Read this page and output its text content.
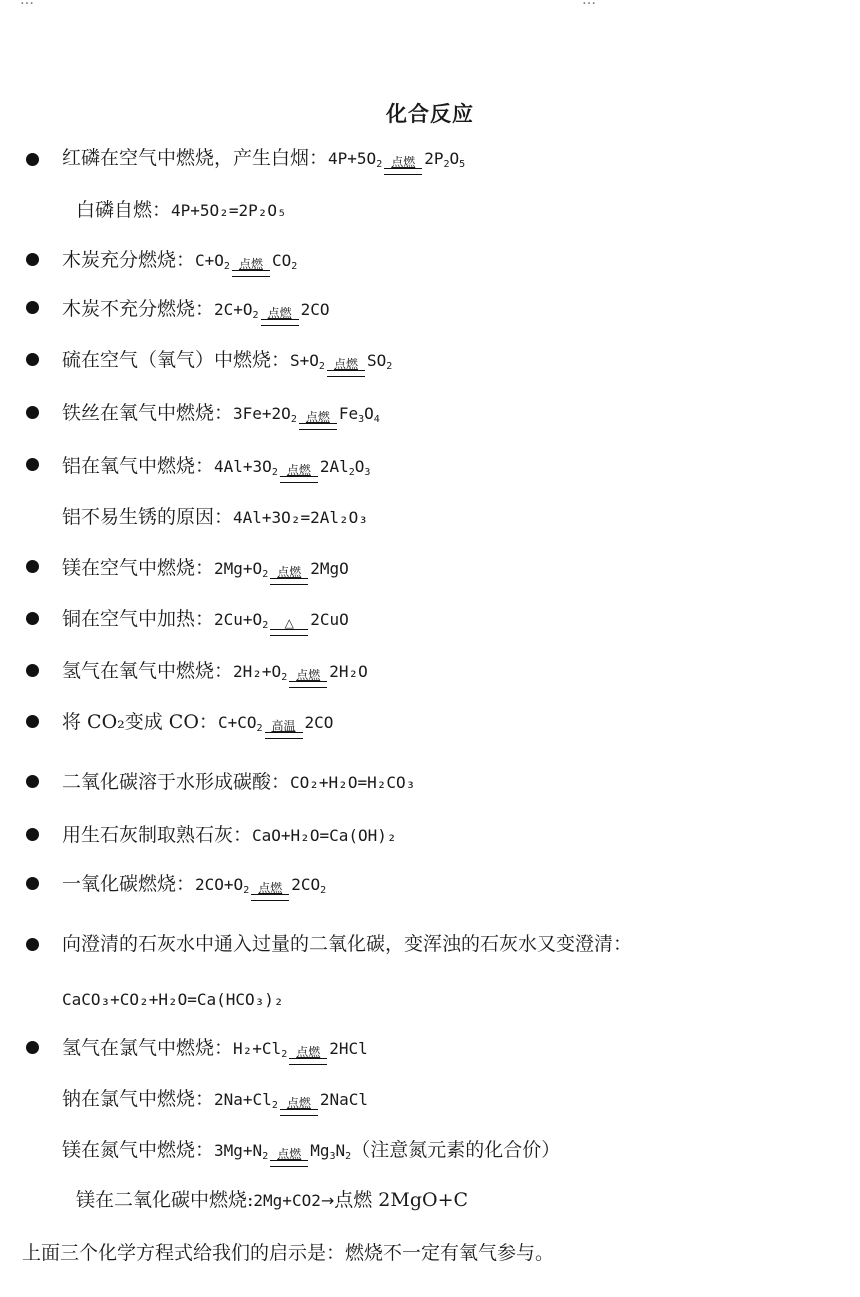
…	…
化合反应
红磷在空气中燃烧，产生白烟：$4P+5O_2$ 点燃 $2P_2O_5$
白磷自燃：4P+5O₂=2P₂O₅
木炭充分燃烧：$C+O_2$ 点燃 $CO_2$
木炭不充分燃烧：$2C+O_2$ 点燃 2CO
硫在空气（氧气）中燃烧：$S+O_2$ 点燃 $SO_2$
铁丝在氧气中燃烧：$3Fe+2O_2$ 点燃 $Fe_3O_4$
铝在氧气中燃烧：$4Al+3O_2$ 点燃 $2Al_2O_3$
铝不易生锈的原因：4Al+3O₂=2Al₂O₃
镁在空气中燃烧：$2Mg+O_2$ 点燃 2MgO
铜在空气中加热：$2Cu+O_2$ △ 2CuO
氢气在氧气中燃烧：$2H_2+O_2$ 点燃 2H₂O
将 CO₂变成 CO：$C+CO_2$ 高温 2CO
二氧化碳溶于水形成碳酸：CO₂+H₂O=H₂CO₃
用生石灰制取熟石灰：CaO+H₂O=Ca(OH)₂
一氧化碳燃烧：$2CO+O_2$ 点燃 $2CO_2$
向澄清的石灰水中通入过量的二氧化碳，变浑浊的石灰水又变澄清：
CaCO₃+CO₂+H₂O=Ca(HCO₃)₂
氢气在氯气中燃烧：$H_2+Cl_2$ 点燃 2HCl
钠在氯气中燃烧：$2Na+Cl_2$ 点燃 2NaCl
镁在氮气中燃烧：$3Mg+N_2$ 点燃 $Mg_3N_2$（注意氮元素的化合价）
镁在二氧化碳中燃烧:2Mg+CO2→点燃 2MgO+C
上面三个化学方程式给我们的启示是：燃烧不一定有氧气参与。
